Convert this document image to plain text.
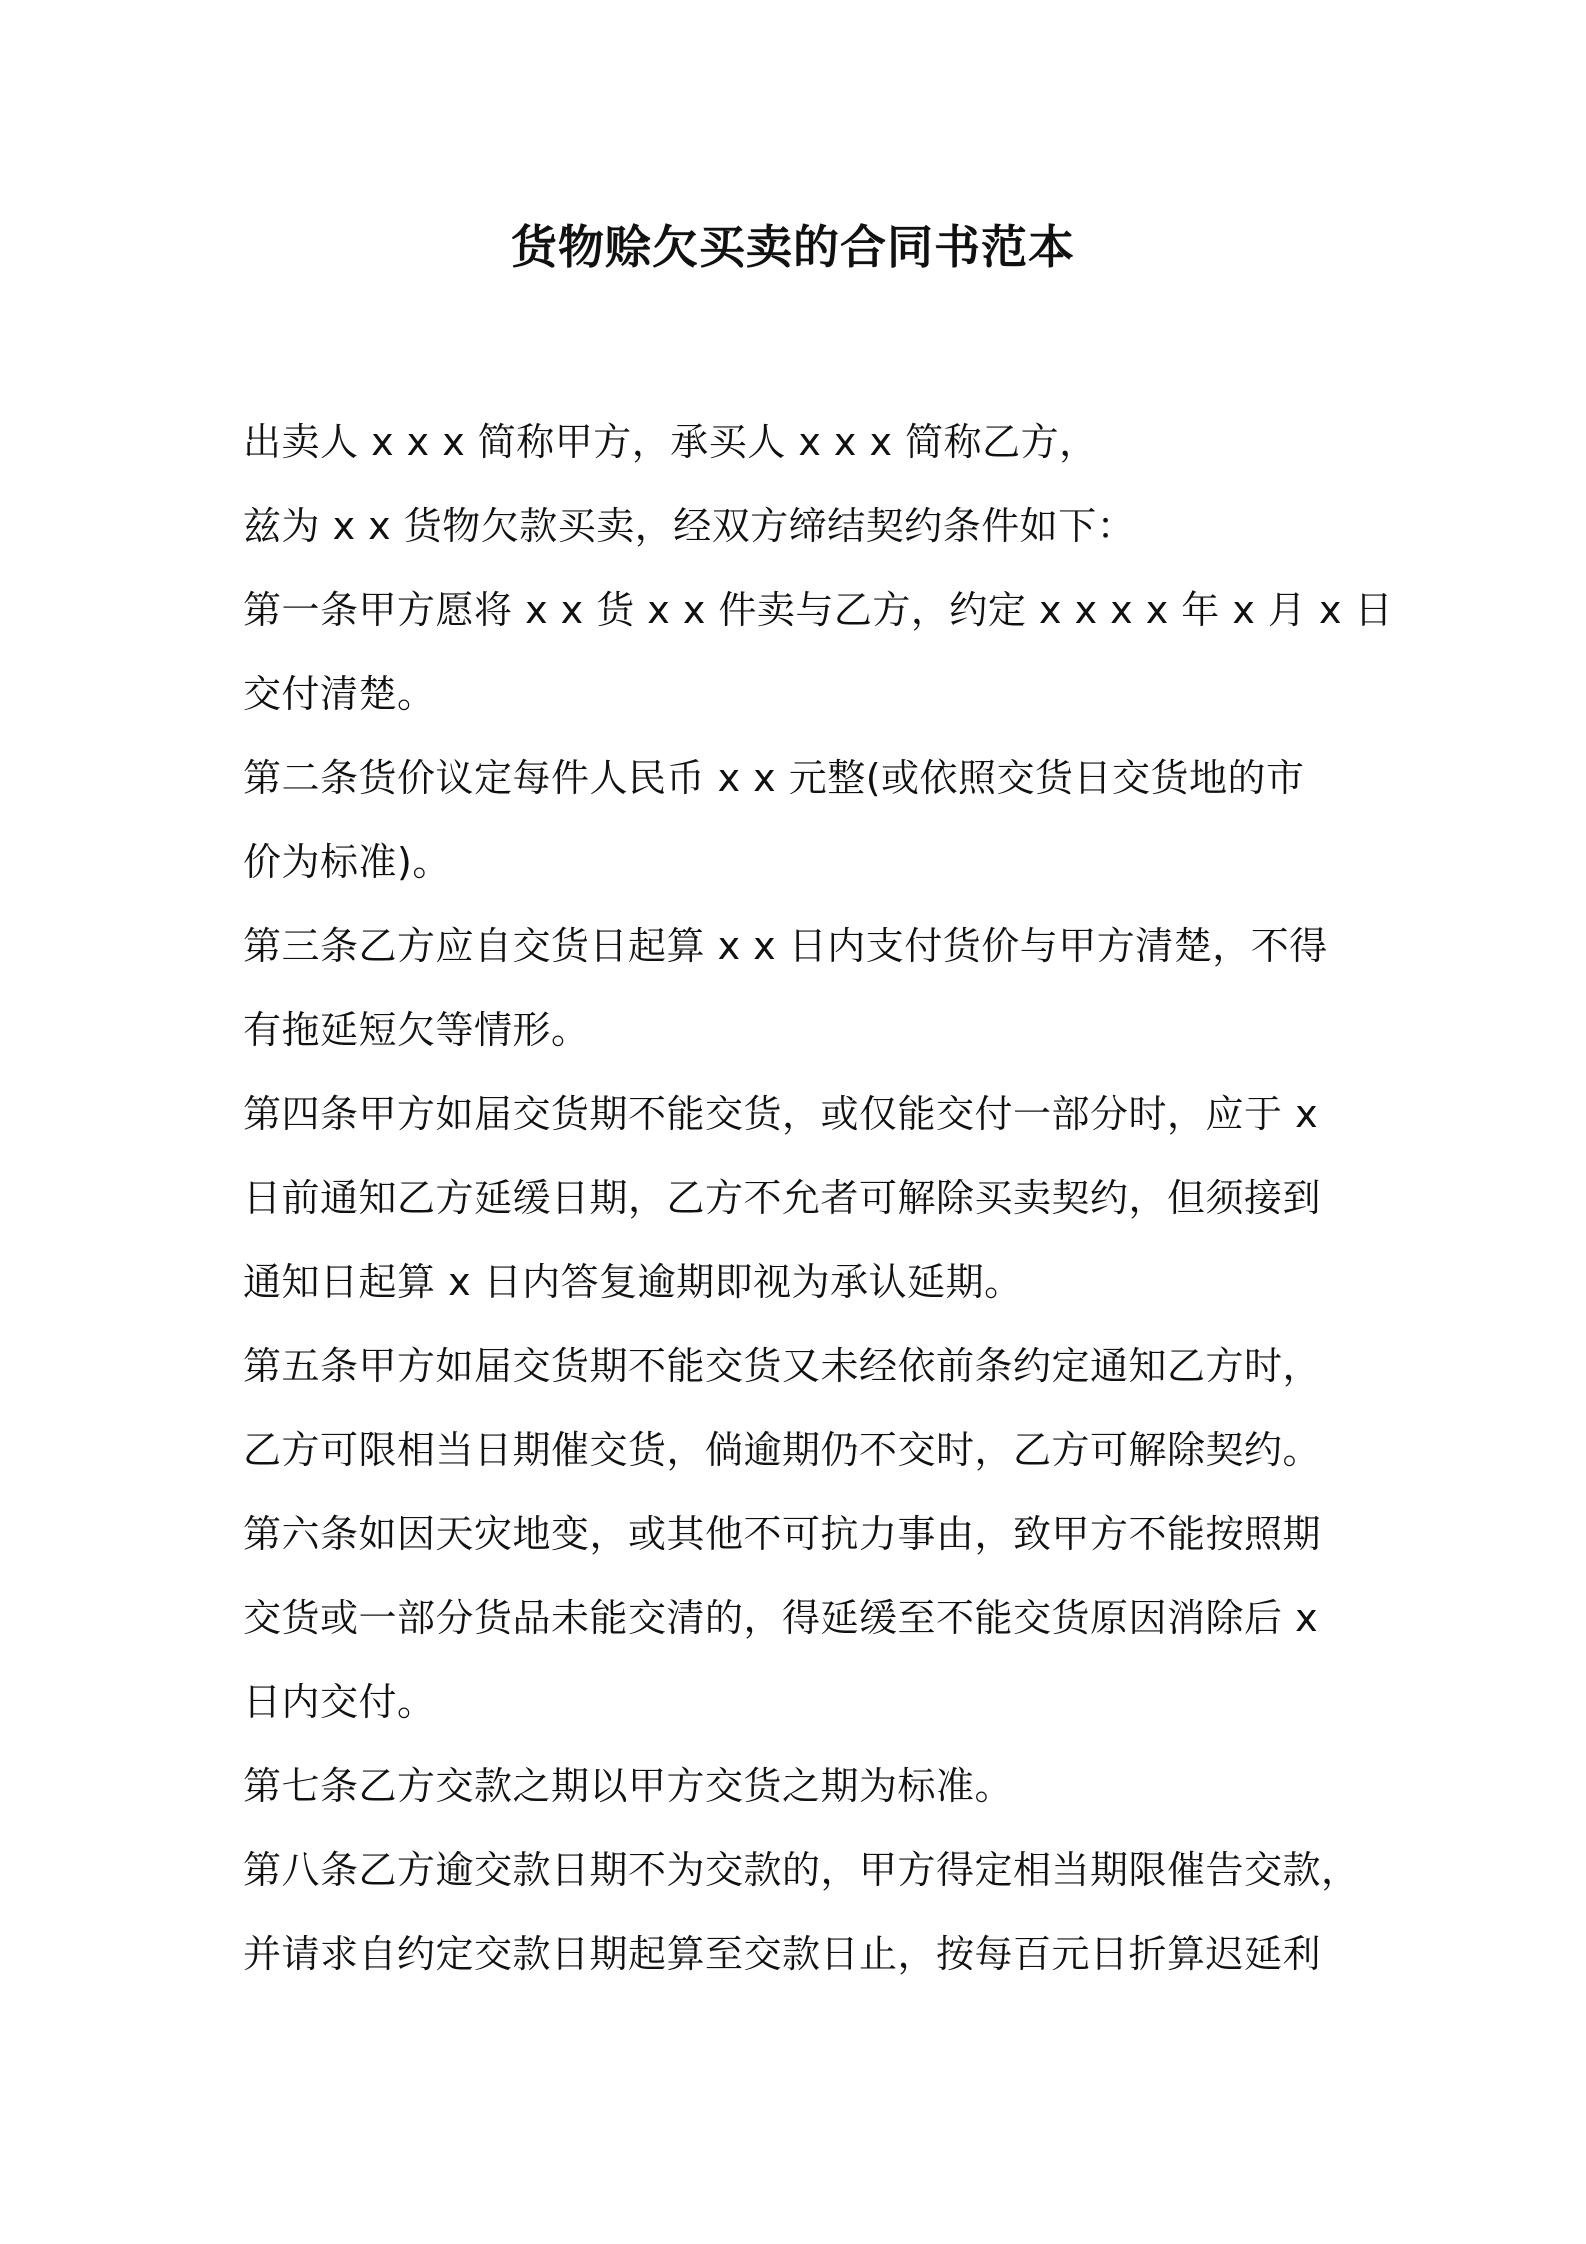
货物赊欠买卖的合同书范本

出卖人 x x x 简称甲方，承买人 x x x 简称乙方，

兹为 x x 货物欠款买卖，经双方缔结契约条件如下：

第一条甲方愿将 x x 货 x x 件卖与乙方，约定 x x x x 年 x 月 x 日

交付清楚。

第二条货价议定每件人民币 x x 元整(或依照交货日交货地的市

价为标准)。

第三条乙方应自交货日起算 x x 日内支付货价与甲方清楚，不得

有拖延短欠等情形。

第四条甲方如届交货期不能交货，或仅能交付一部分时，应于 x

日前通知乙方延缓日期，乙方不允者可解除买卖契约，但须接到

通知日起算 x 日内答复逾期即视为承认延期。

第五条甲方如届交货期不能交货又未经依前条约定通知乙方时，

乙方可限相当日期催交货，倘逾期仍不交时，乙方可解除契约。

第六条如因天灾地变，或其他不可抗力事由，致甲方不能按照期

交货或一部分货品未能交清的，得延缓至不能交货原因消除后 x

日内交付。

第七条乙方交款之期以甲方交货之期为标准。

第八条乙方逾交款日期不为交款的，甲方得定相当期限催告交款，

并请求自约定交款日期起算至交款日止，按每百元日折算迟延利
